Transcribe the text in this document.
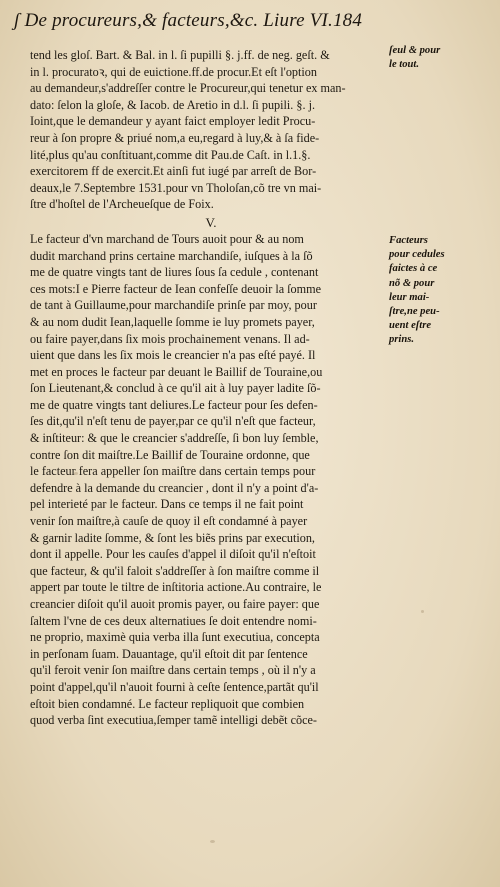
ʃ De procureurs,& facteurs,&c. Liure VI.184
tend les gloſ. Bart. & Bal. in l. ſi pupilli §. j.ff. de neg. geſt. &
in l. procuratoꝛ, qui de euictione.ff.de procur.Et eſt l'option
au demandeur,s'addreſſer contre le Procureur,qui tenetur ex man-
dato: ſelon la gloſe, & Iacob. de Aretio in d.l. ſi pupili. §. j.
Ioint,que le demandeur y ayant faict employer ledit Procu-
reur à ſon propre & priué nom,a eu,regard à luy,& à ſa fide-
lité,plus qu'au conſtituant,comme dit Pau.de Caſt. in l.1.§.
exercitorem ff de exercit.Et ainſi fut iugé par arreſt de Bor-
deaux,le 7.Septembre 1531.pour vn Tholoſan,cõ tre vn mai-
ſtre d'hoſtel de l'Archeueſque de Foix.
V.
Le facteur d'vn marchand de Tours auoit pour & au nom
dudit marchand prins certaine marchandiſe, iuſques à la ſõ
me de quatre vingts tant de liures ſous ſa cedule , contenant
ces mots:I e Pierre facteur de Iean confeſſe deuoir la ſomme
de tant à Guillaume,pour marchandiſe prinſe par moy, pour
& au nom dudit Iean,laquelle ſomme ie luy promets payer,
ou faire payer,dans ſix mois prochainement venans. Il ad-
uient que dans les ſix mois le creancier n'a pas eſté payé. Il
met en proces le facteur par deuant le Baillif de Touraine,ou
ſon Lieutenant,& conclud à ce qu'il ait à luy payer ladite ſõ-
me de quatre vingts tant deliures.Le facteur pour ſes defen-
ſes dit,qu'il n'eſt tenu de payer,par ce qu'il n'eſt que facteur,
& inſtiteur: & que le creancier s'addreſſe, ſi bon luy ſemble,
contre ſon dit maiſtre.Le Baillif de Touraine ordonne, que
le facteur fera appeller ſon maiſtre dans certain temps pour
defendre à la demande du creancier , dont il n'y a point d'a-
pel interieté par le facteur. Dans ce temps il ne fait point
venir ſon maiſtre,à cauſe de quoy il eſt condamné à payer
& garnir ladite ſomme, & ſont les biẽs prins par execution,
dont il appelle. Pour les cauſes d'appel il diſoit qu'il n'eſtoit
que facteur, & qu'il faloit s'addreſſer à ſon maiſtre comme il
appert par toute le tiltre de inſtitoria actione.Au contraire, le
creancier diſoit qu'il auoit promis payer, ou faire payer: que
ſaltem l'vne de ces deux alternatiues ſe doit entendre nomi-
ne proprio, maximè quia verba illa ſunt executiua, concepta
in perſonam ſuam. Dauantage, qu'il eſtoit dit par ſentence
qu'il feroit venir ſon maiſtre dans certain temps , où il n'y a
point d'appel,qu'il n'auoit fourni à ceſte ſentence,partãt qu'il
eſtoit bien condamné. Le facteur repliquoit que combien
quod verba ſint executiua,ſemper tamẽ intelligi debẽt cõce-
ſeul & pour
le tout.
Facteurs
pour cedules
faictes à ce
nõ & pour
leur mai-
ſtre,ne peu-
uent eſtre
prins.
